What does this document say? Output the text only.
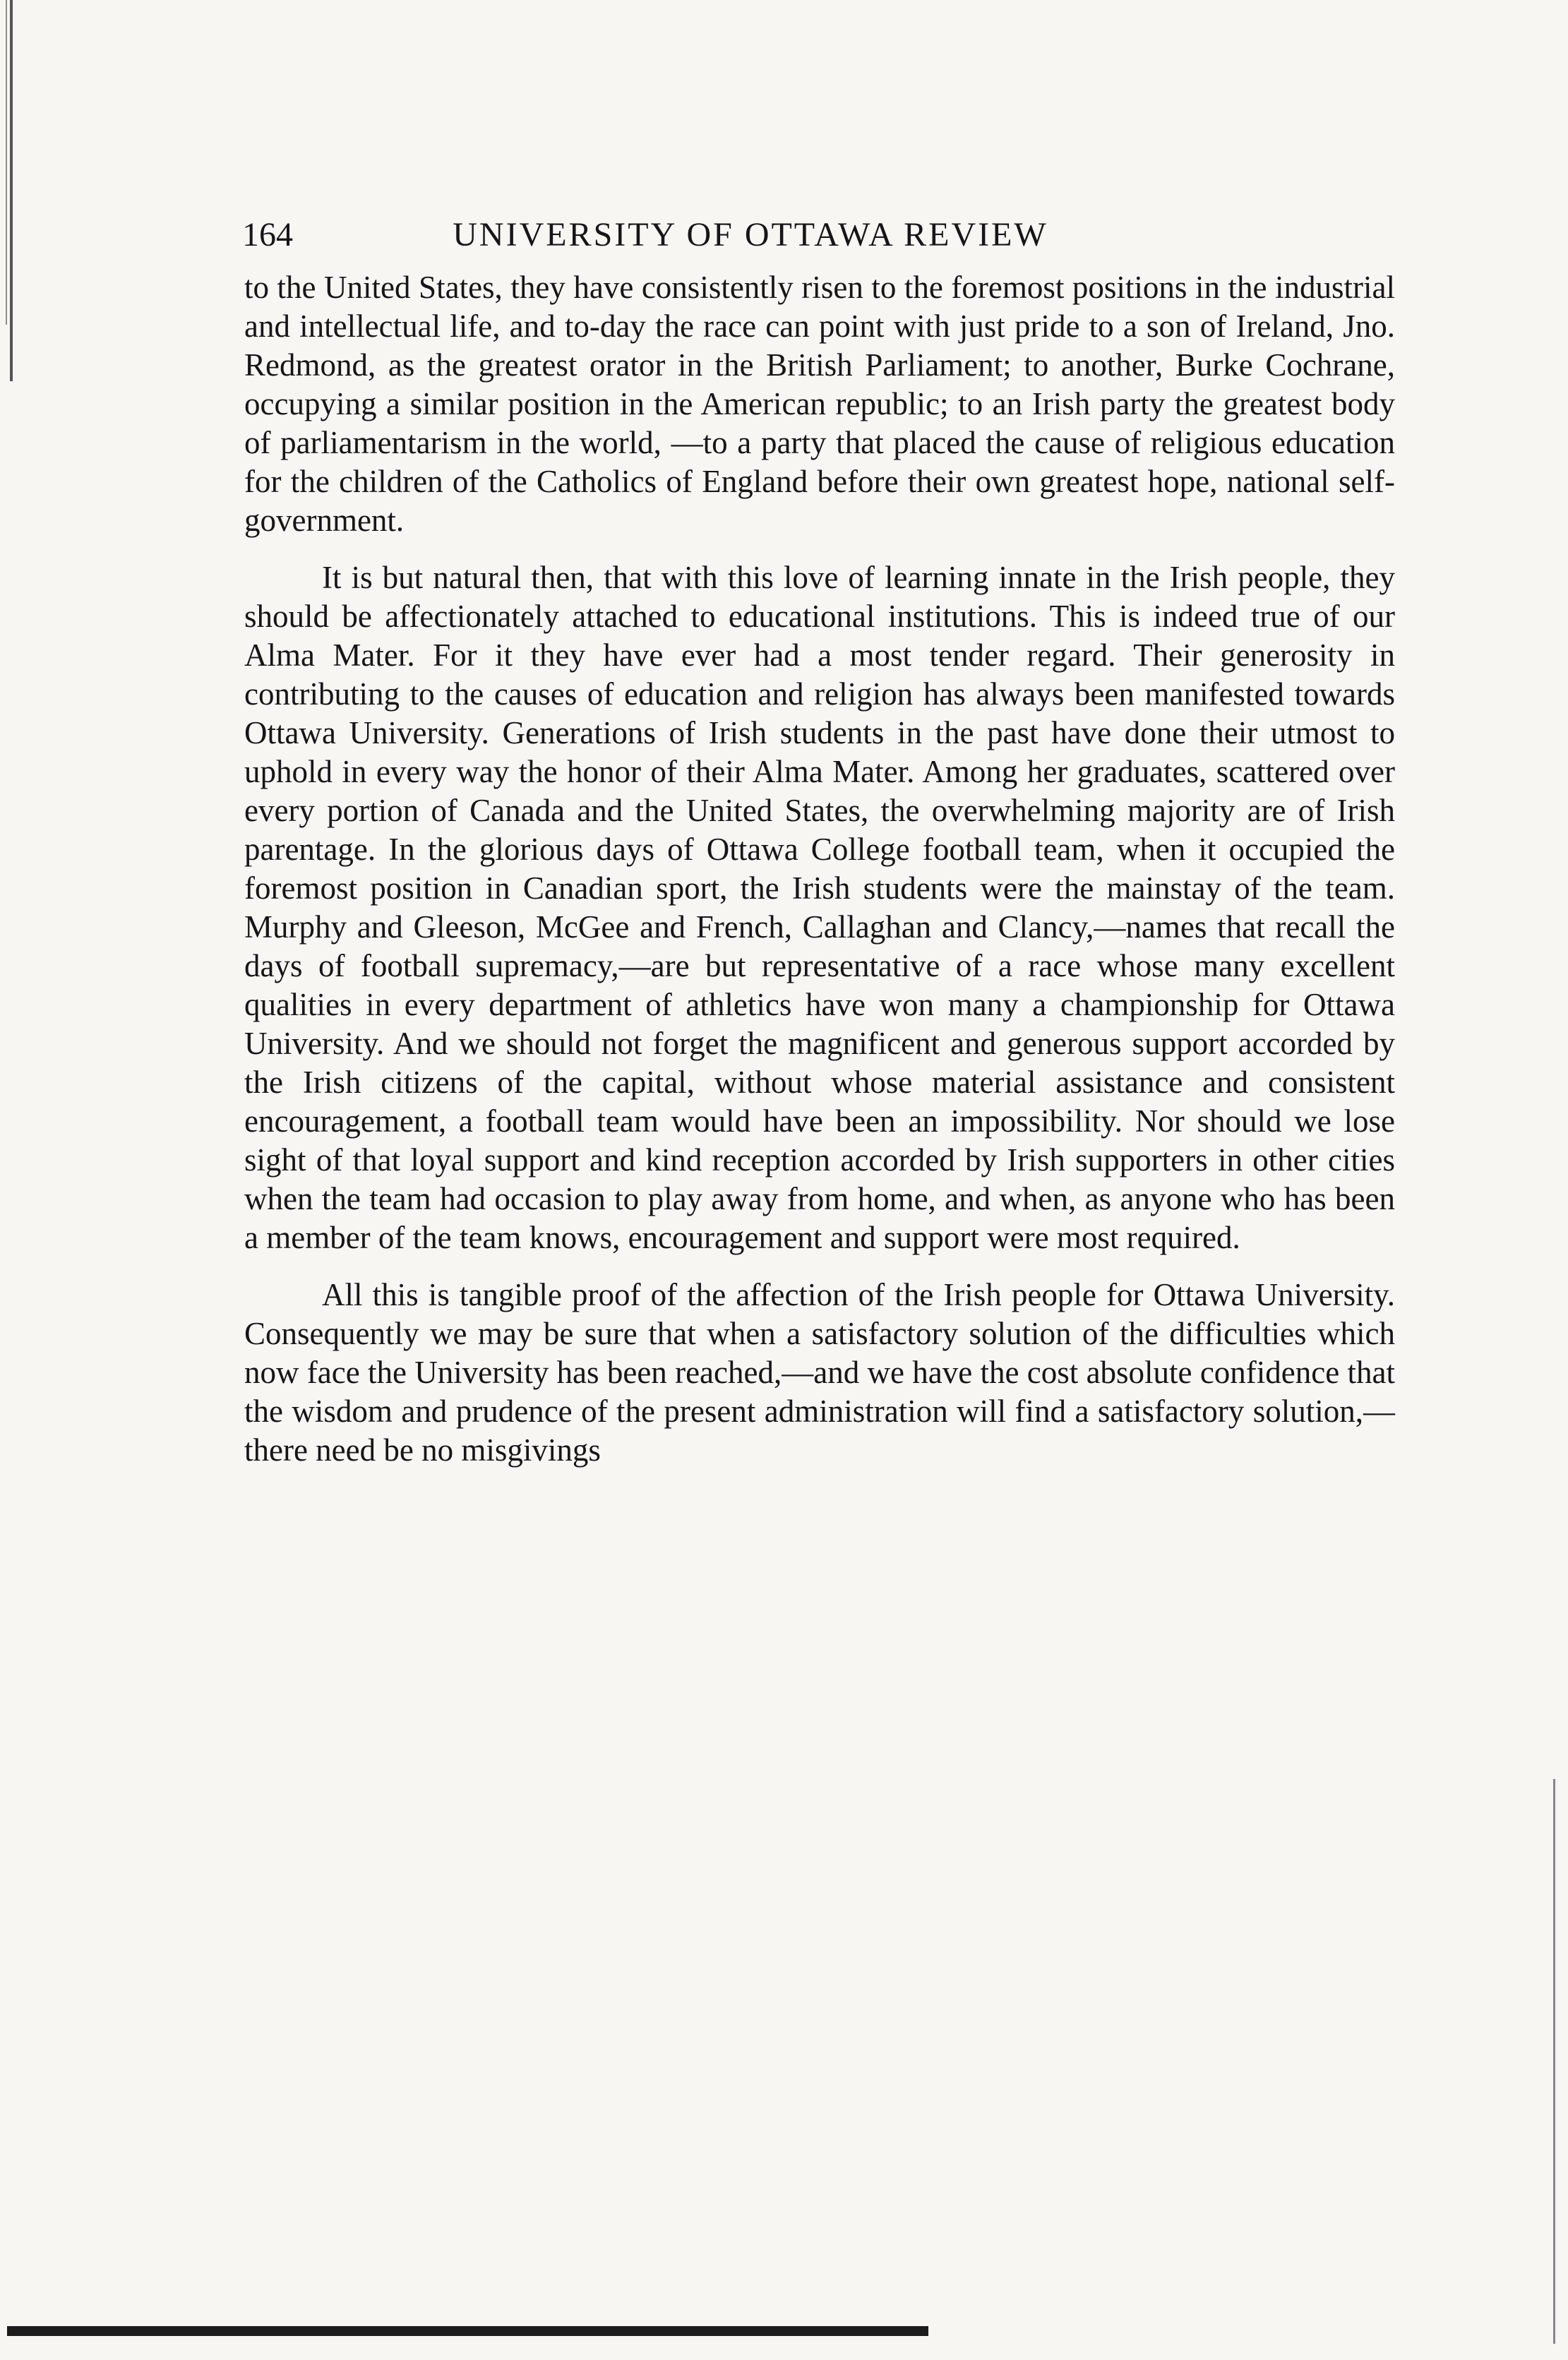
164	UNIVERSITY OF OTTAWA REVIEW

to the United States, they have consistently risen to the foremost positions in the industrial and intellectual life, and to-day the race can point with just pride to a son of Ireland, Jno. Redmond, as the greatest orator in the British Parliament; to another, Burke Cochrane, occupying a similar position in the American republic; to an Irish party the greatest body of parliamentarism in the world, —to a party that placed the cause of religious education for the children of the Catholics of England before their own greatest hope, national self-government.

It is but natural then, that with this love of learning innate in the Irish people, they should be affectionately attached to educational institutions. This is indeed true of our Alma Mater. For it they have ever had a most tender regard. Their generosity in contributing to the causes of education and religion has always been manifested towards Ottawa University. Generations of Irish students in the past have done their utmost to uphold in every way the honor of their Alma Mater. Among her graduates, scattered over every portion of Canada and the United States, the overwhelming majority are of Irish parentage. In the glorious days of Ottawa College football team, when it occupied the foremost position in Canadian sport, the Irish students were the mainstay of the team. Murphy and Gleeson, McGee and French, Callaghan and Clancy,—names that recall the days of football supremacy,—are but representative of a race whose many excellent qualities in every department of athletics have won many a championship for Ottawa University. And we should not forget the magnificent and generous support accorded by the Irish citizens of the capital, without whose material assistance and consistent encouragement, a football team would have been an impossibility. Nor should we lose sight of that loyal support and kind reception accorded by Irish supporters in other cities when the team had occasion to play away from home, and when, as anyone who has been a member of the team knows, encouragement and support were most required.

All this is tangible proof of the affection of the Irish people for Ottawa University. Consequently we may be sure that when a satisfactory solution of the difficulties which now face the University has been reached,—and we have the cost absolute confidence that the wisdom and prudence of the present administration will find a satisfactory solution,—there need be no misgivings
